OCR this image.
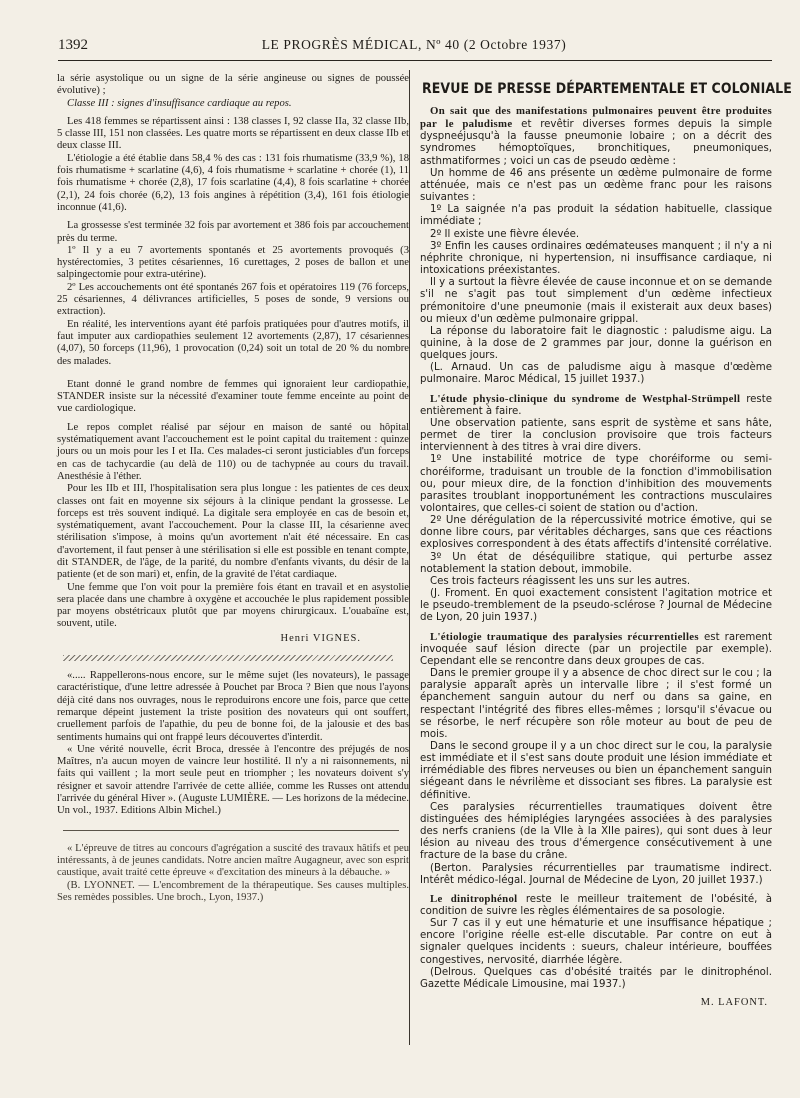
1392	LE PROGRÈS MÉDICAL, Nº 40 (2 Octobre 1937)

la série asystolique ou un signe de la série angineuse ou signes de poussée évolutive) ;

Classe III : signes d'insuffisance cardiaque au repos.

Les 418 femmes se répartissent ainsi : 138 classes I, 92 classe IIa, 32 classe IIb, 5 classe III, 151 non classées. Les quatre morts se répartissent en deux classe IIb et deux classe III.

L'étiologie a été établie dans 58,4 % des cas : 131 fois rhumatisme (33,9 %), 18 fois rhumatisme + scarlatine (4,6), 4 fois rhumatisme + scarlatine + chorée (1), 11 fois rhumatisme + chorée (2,8), 17 fois scarlatine (4,4), 8 fois scarlatine + chorée (2,1), 24 fois chorée (6,2), 13 fois angines à répétition (3,4), 161 fois étiologie inconnue (41,6).

La grossesse s'est terminée 32 fois par avortement et 386 fois par accouchement près du terme.

1º Il y a eu 7 avortements spontanés et 25 avortements provoqués (3 hystérectomies, 3 petites césariennes, 16 curettages, 2 poses de ballon et une salpingectomie pour extra-utérine).

2º Les accouchements ont été spontanés 267 fois et opératoires 119 (76 forceps, 25 césariennes, 4 délivrances artificielles, 5 poses de sonde, 9 versions ou extraction).

En réalité, les interventions ayant été parfois pratiquées pour d'autres motifs, il faut imputer aux cardiopathies seulement 12 avortements (2,87), 17 césariennes (4,07), 50 forceps (11,96), 1 provocation (0,24) soit un total de 20 % du nombre des malades.

Etant donné le grand nombre de femmes qui ignoraient leur cardiopathie, STANDER insiste sur la nécessité d'examiner toute femme enceinte au point de vue cardiologique.

Le repos complet réalisé par séjour en maison de santé ou hôpital systématiquement avant l'accouchement est le point capital du traitement : quinze jours ou un mois pour les I et IIa. Ces malades-ci seront justiciables d'un forceps en cas de tachycardie (au delà de 110) ou de tachypnée au cours du travail. Anesthésie à l'éther.

Pour les IIb et III, l'hospitalisation sera plus longue : les patientes de ces deux classes ont fait en moyenne six séjours à la clinique pendant la grossesse. Le forceps est très souvent indiqué. La digitale sera employée en cas de besoin et, systématiquement, avant l'accouchement. Pour la classe III, la césarienne avec stérilisation s'impose, à moins qu'un avortement n'ait été nécessaire. En cas d'avortement, il faut penser à une stérilisation si elle est possible en tenant compte, dit STANDER, de l'âge, de la parité, du nombre d'enfants vivants, du désir de la patiente (et de son mari) et, enfin, de la gravité de l'état cardiaque.

Une femme que l'on voit pour la première fois étant en travail et en asystolie sera placée dans une chambre à oxygène et accouchée le plus rapidement possible par moyens obstétricaux plutôt que par moyens chirurgicaux. L'ouabaïne est, souvent, utile.

Henri VIGNES.

«..... Rappellerons-nous encore, sur le même sujet (les novateurs), le passage caractéristique, d'une lettre adressée à Pouchet par Broca ? Bien que nous l'ayons déjà cité dans nos ouvrages, nous le reproduirons encore une fois, parce que cette remarque dépeint justement la triste position des novateurs qui ont souffert, cruellement parfois de l'apathie, du peu de bonne foi, de la jalousie et des bas sentiments humains qui ont frappé leurs découvertes d'interdit.

« Une vérité nouvelle, écrit Broca, dressée à l'encontre des préjugés de nos Maîtres, n'a aucun moyen de vaincre leur hostilité. Il n'y a ni raisonnements, ni faits qui vaillent ; la mort seule peut en triompher ; les novateurs doivent s'y résigner et savoir attendre l'arrivée de cette alliée, comme les Russes ont attendu l'arrivée du général Hiver ». (Auguste LUMIÈRE. — Les horizons de la médecine. Un vol., 1937. Editions Albin Michel.)

« L'épreuve de titres au concours d'agrégation a suscité des travaux hâtifs et peu intéressants, à de jeunes candidats. Notre ancien maître Augagneur, avec son esprit caustique, avait traité cette épreuve « d'excitation des mineurs à la débauche. »

(B. LYONNET. — L'encombrement de la thérapeutique. Ses causes multiples. Ses remèdes possibles. Une broch., Lyon, 1937.)

REVUE DE PRESSE DÉPARTEMENTALE ET COLONIALE

On sait que des manifestations pulmonaires peuvent être produites par le paludisme et revêtir diverses formes depuis la simple dyspneéjusqu'à la fausse pneumonie lobaire ; on a décrit des syndromes hémoptoïques, bronchitiques, pneumoniques, asthmatiformes ; voici un cas de pseudo œdème :

Un homme de 46 ans présente un œdème pulmonaire de forme atténuée, mais ce n'est pas un œdème franc pour les raisons suivantes :

1º La saignée n'a pas produit la sédation habituelle, classique immédiate ;

2º Il existe une fièvre élevée.

3º Enfin les causes ordinaires œdémateuses manquent ; il n'y a ni néphrite chronique, ni hypertension, ni insuffisance cardiaque, ni intoxications préexistantes.

Il y a surtout la fièvre élevée de cause inconnue et on se demande s'il ne s'agit pas tout simplement d'un œdème infectieux prémonitoire d'une pneumonie (mais il existerait aux deux bases) ou mieux d'un œdème pulmonaire grippal.

La réponse du laboratoire fait le diagnostic : paludisme aigu. La quinine, à la dose de 2 grammes par jour, donne la guérison en quelques jours.

(L. Arnaud. Un cas de paludisme aigu à masque d'œdème pulmonaire. Maroc Médical, 15 juillet 1937.)

L'étude physio-clinique du syndrome de Westphal-Strümpell reste entièrement à faire.

Une observation patiente, sans esprit de système et sans hâte, permet de tirer la conclusion provisoire que trois facteurs interviennent à des titres à vrai dire divers.

1º Une instabilité motrice de type choréiforme ou semi-choréiforme, traduisant un trouble de la fonction d'immobilisation ou, pour mieux dire, de la fonction d'inhibition des mouvements parasites troublant inopportunément les contractions musculaires volontaires, que celles-ci soient de station ou d'action.

2º Une dérégulation de la répercussivité motrice émotive, qui se donne libre cours, par véritables décharges, sans que ces réactions explosives correspondent à des états affectifs d'intensité corrélative.

3º Un état de déséquilibre statique, qui perturbe assez notablement la station debout, immobile.

Ces trois facteurs réagissent les uns sur les autres.

(J. Froment. En quoi exactement consistent l'agitation motrice et le pseudo-tremblement de la pseudo-sclérose ? Journal de Médecine de Lyon, 20 juin 1937.)

L'étiologie traumatique des paralysies récurrentielles est rarement invoquée sauf lésion directe (par un projectile par exemple). Cependant elle se rencontre dans deux groupes de cas.

Dans le premier groupe il y a absence de choc direct sur le cou ; la paralysie apparaît après un intervalle libre ; il s'est formé un épanchement sanguin autour du nerf ou dans sa gaine, en respectant l'intégrité des fibres elles-mêmes ; lorsqu'il s'évacue ou se résorbe, le nerf récupère son rôle moteur au bout de peu de mois.

Dans le second groupe il y a un choc direct sur le cou, la paralysie est immédiate et il s'est sans doute produit une lésion immédiate et irrémédiable des fibres nerveuses ou bien un épanchement sanguin siégeant dans le névrilème et dissociant ses fibres. La paralysie est définitive.

Ces paralysies récurrentielles traumatiques doivent être distinguées des hémiplégies laryngées associées à des paralysies des nerfs craniens (de la VIIe à la XIIe paires), qui sont dues à leur lésion au niveau des trous d'émergence consécutivement à une fracture de la base du crâne.

(Berton. Paralysies récurrentielles par traumatisme indirect. Intérêt médico-légal. Journal de Médecine de Lyon, 20 juillet 1937.)

Le dinitrophénol reste le meilleur traitement de l'obésité, à condition de suivre les règles élémentaires de sa posologie.

Sur 7 cas il y eut une hématurie et une insuffisance hépatique ; encore l'origine réelle est-elle discutable. Par contre on eut à signaler quelques incidents : sueurs, chaleur intérieure, bouffées congestives, nervosité, diarrhée légère.

(Delrous. Quelques cas d'obésité traités par le dinitrophénol. Gazette Médicale Limousine, mai 1937.)

M. LAFONT.
